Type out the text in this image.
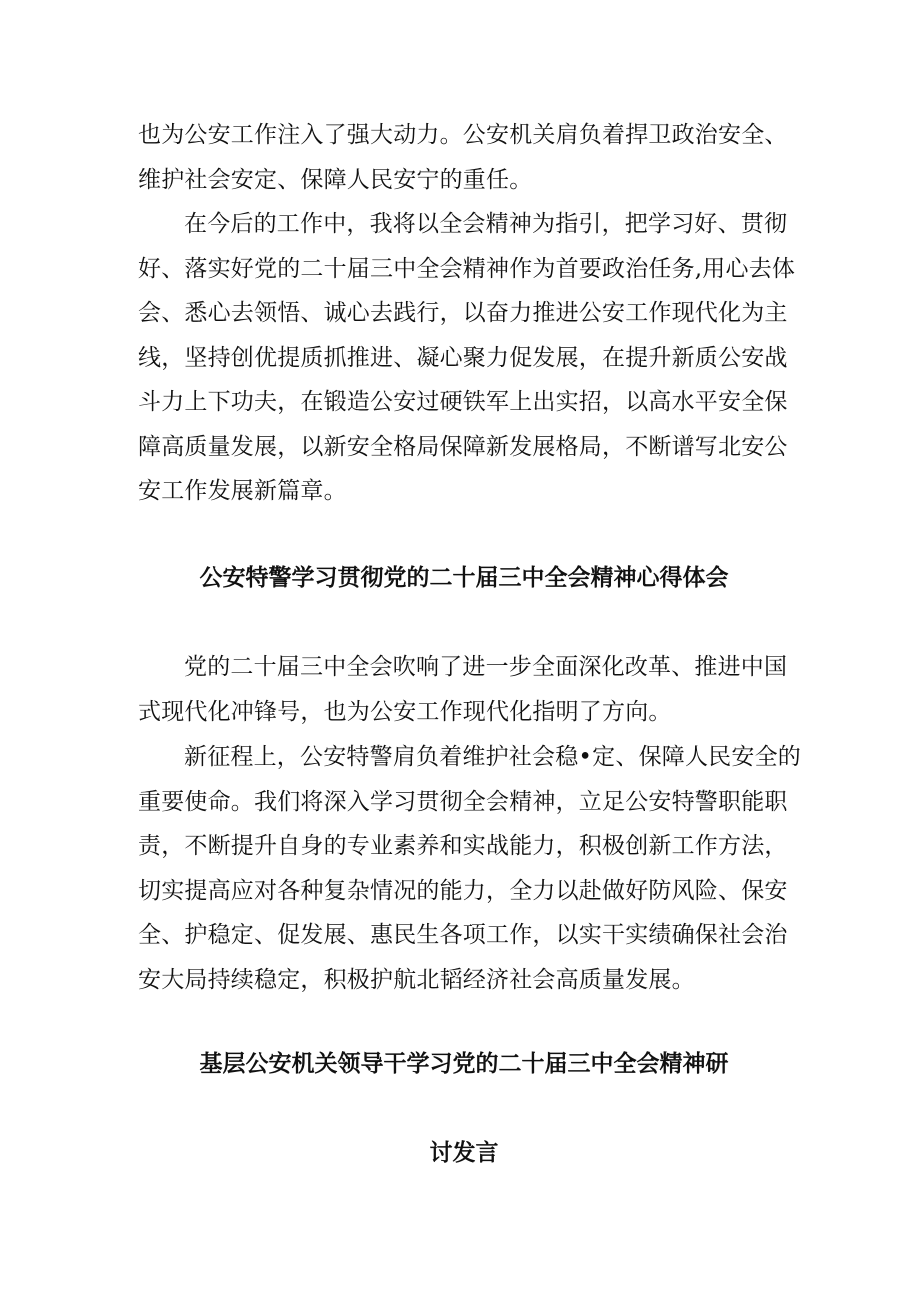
也为公安工作注入了强大动力。公安机关肩负着捍卫政治安全、
维护社会安定、保障人民安宁的重任。

在今后的工作中，我将以全会精神为指引，把学习好、贯彻
好、落实好党的二十届三中全会精神作为首要政治任务,用心去体
会、悉心去领悟、诚心去践行，以奋力推进公安工作现代化为主
线，坚持创优提质抓推进、凝心聚力促发展，在提升新质公安战
斗力上下功夫，在锻造公安过硬铁军上出实招，以高水平安全保
障高质量发展，以新安全格局保障新发展格局，不断谱写北安公
安工作发展新篇章。

公安特警学习贯彻党的二十届三中全会精神心得体会

党的二十届三中全会吹响了进一步全面深化改革、推进中国
式现代化冲锋号，也为公安工作现代化指明了方向。

新征程上，公安特警肩负着维护社会稳•定、保障人民安全的
重要使命。我们将深入学习贯彻全会精神，立足公安特警职能职
责，不断提升自身的专业素养和实战能力，积极创新工作方法，
切实提高应对各种复杂情况的能力，全力以赴做好防风险、保安
全、护稳定、促发展、惠民生各项工作，以实干实绩确保社会治
安大局持续稳定，积极护航北韬经济社会高质量发展。

基层公安机关领导干学习党的二十届三中全会精神研
讨发言
